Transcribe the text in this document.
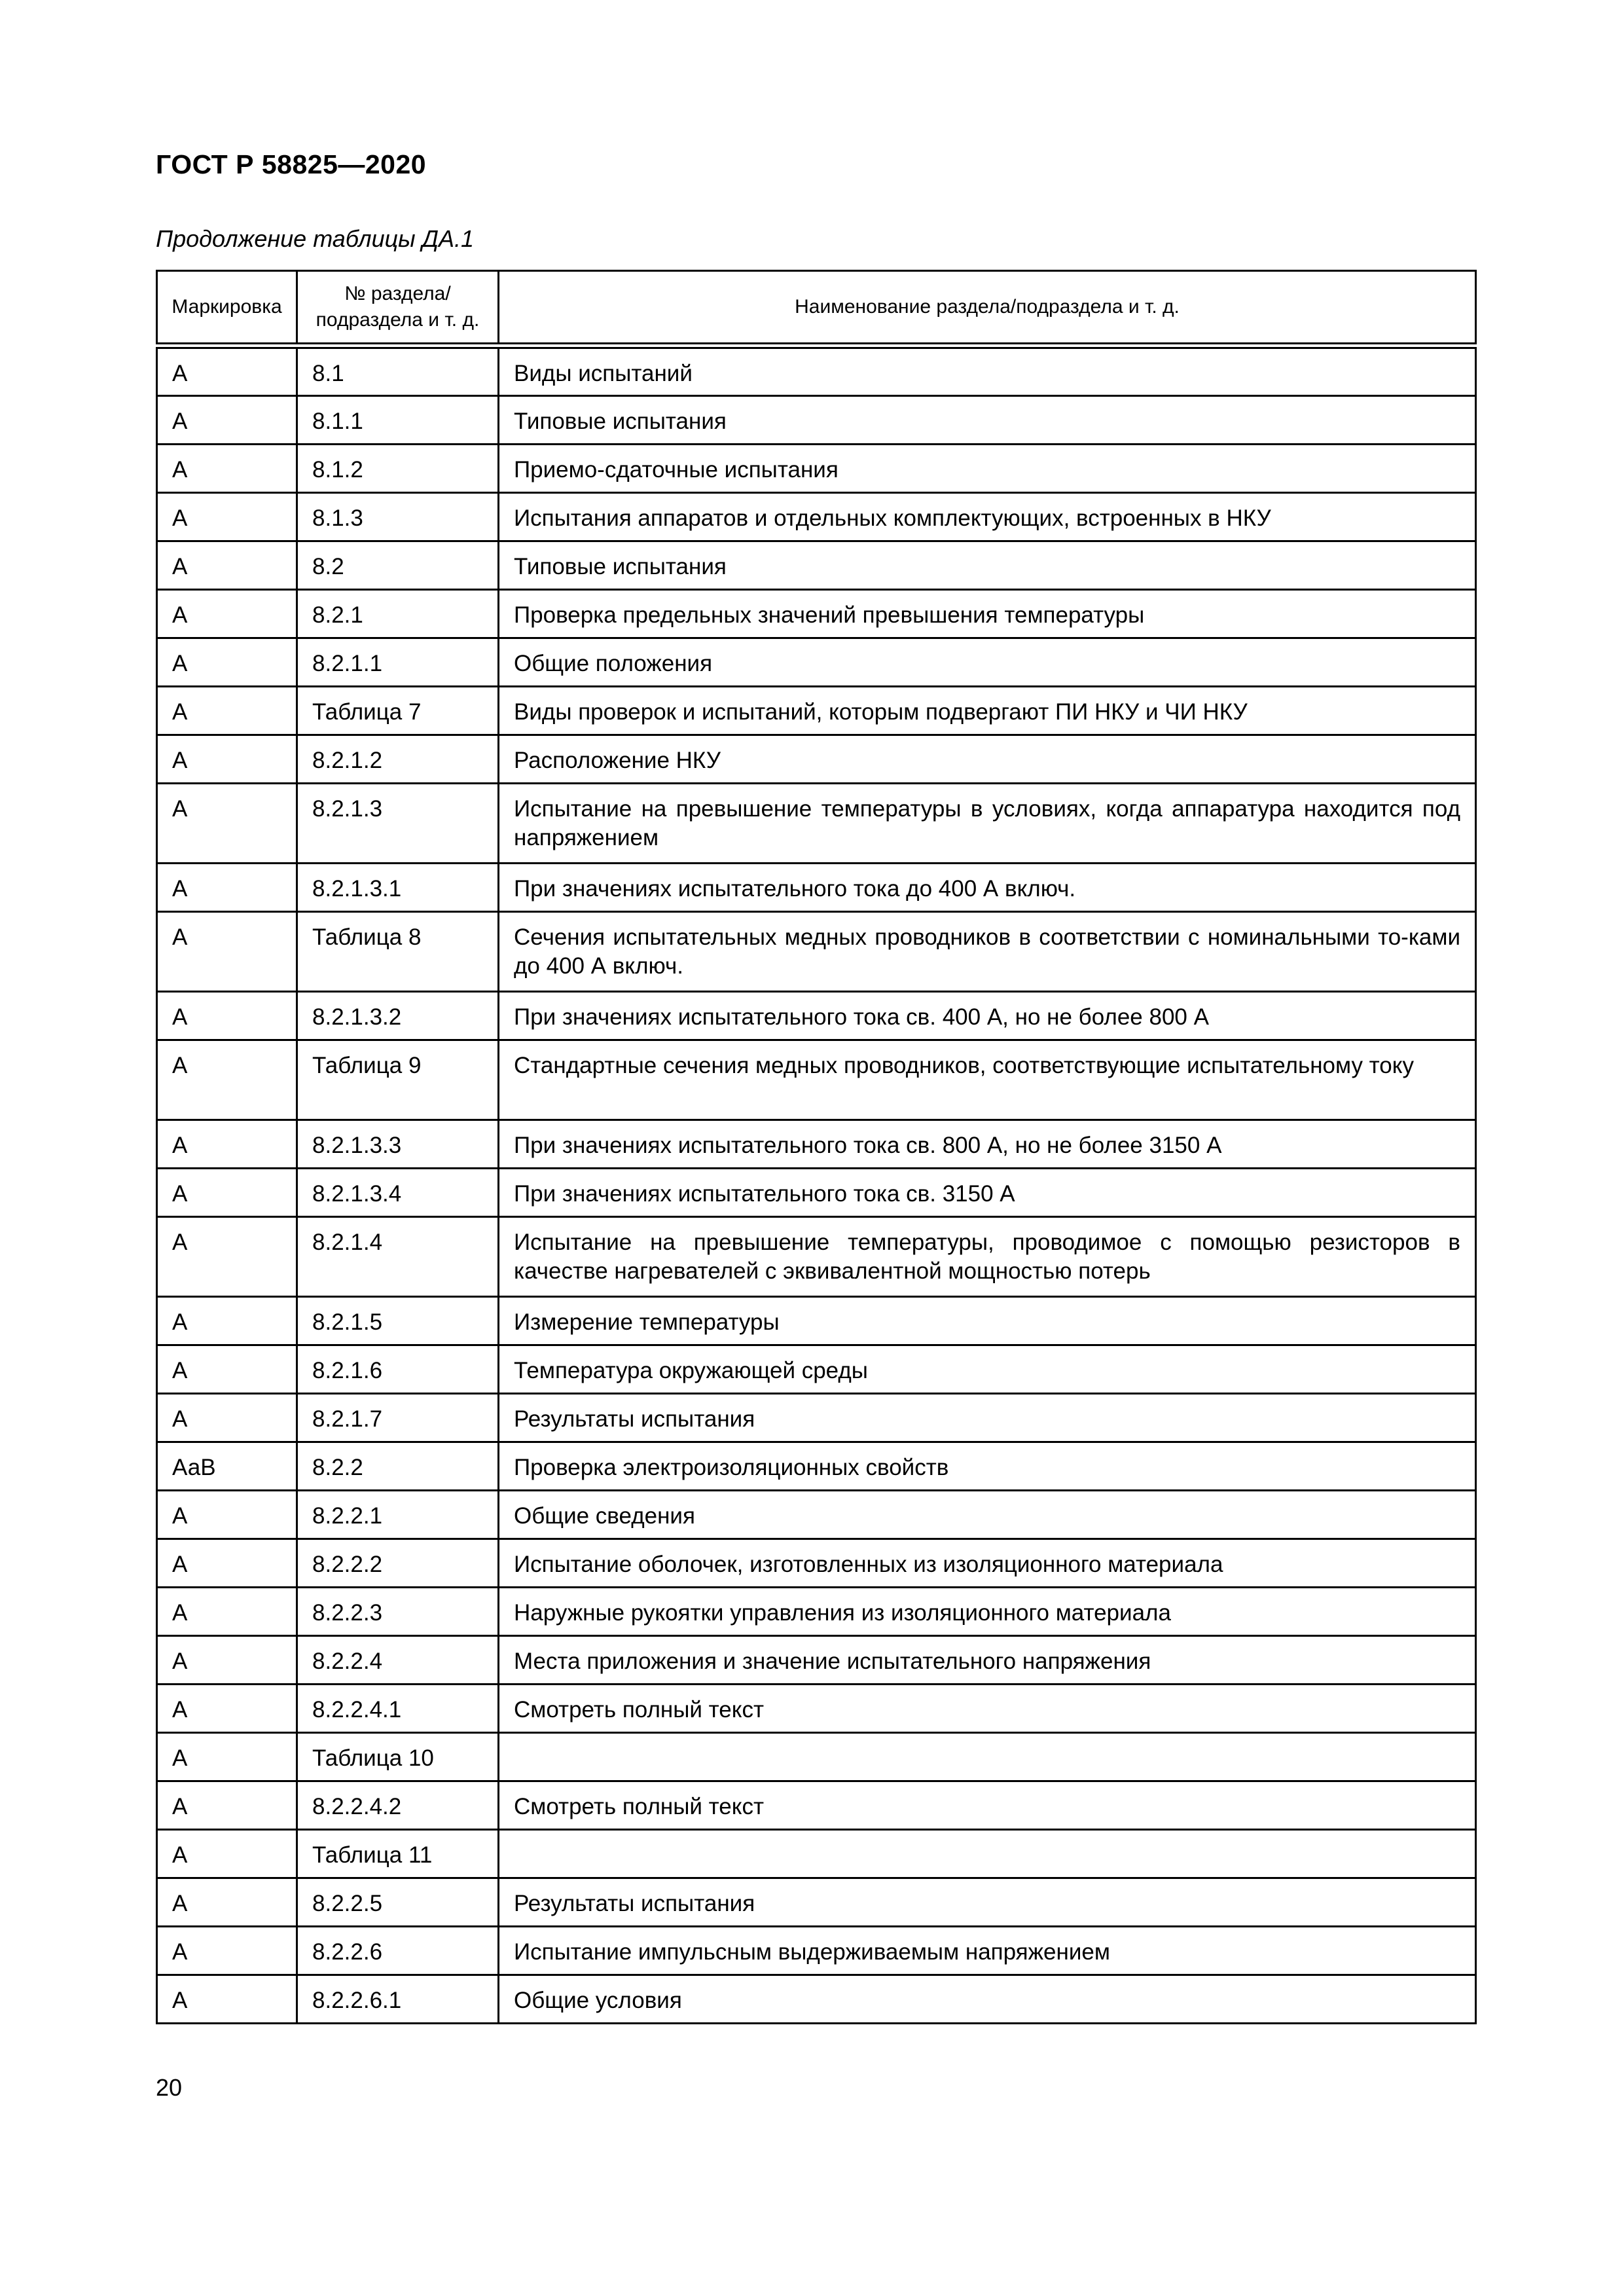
ГОСТ Р 58825—2020
Продолжение таблицы ДА.1
Маркировка	№ раздела/ подраздела и т. д.	Наименование раздела/подраздела и т. д.
А	8.1	Виды испытаний
А	8.1.1	Типовые испытания
А	8.1.2	Приемо-сдаточные испытания
А	8.1.3	Испытания аппаратов и отдельных комплектующих, встроенных в НКУ
А	8.2	Типовые испытания
А	8.2.1	Проверка предельных значений превышения температуры
А	8.2.1.1	Общие положения
А	Таблица 7	Виды проверок и испытаний, которым подвергают ПИ НКУ и ЧИ НКУ
А	8.2.1.2	Расположение НКУ
А	8.2.1.3	Испытание на превышение температуры в условиях, когда аппаратура находится под напряжением
А	8.2.1.3.1	При значениях испытательного тока до 400 А включ.
А	Таблица 8	Сечения испытательных медных проводников в соответствии с номинальными то-ками до 400 А включ.
А	8.2.1.3.2	При значениях испытательного тока св. 400 А, но не более 800 А
А	Таблица 9	Стандартные сечения медных проводников, соответствующие испытательному току
А	8.2.1.3.3	При значениях испытательного тока св. 800 А, но не более 3150 А
А	8.2.1.3.4	При значениях испытательного тока св. 3150 А
А	8.2.1.4	Испытание на превышение температуры, проводимое с помощью резисторов в качестве нагревателей с эквивалентной мощностью потерь
А	8.2.1.5	Измерение температуры
А	8.2.1.6	Температура окружающей среды
А	8.2.1.7	Результаты испытания
АаВ	8.2.2	Проверка электроизоляционных свойств
А	8.2.2.1	Общие сведения
А	8.2.2.2	Испытание оболочек, изготовленных из изоляционного материала
А	8.2.2.3	Наружные рукоятки управления из изоляционного материала
А	8.2.2.4	Места приложения и значение испытательного напряжения
А	8.2.2.4.1	Смотреть полный текст
А	Таблица 10	
А	8.2.2.4.2	Смотреть полный текст
А	Таблица 11	
А	8.2.2.5	Результаты испытания
А	8.2.2.6	Испытание импульсным выдерживаемым напряжением
А	8.2.2.6.1	Общие условия
20
